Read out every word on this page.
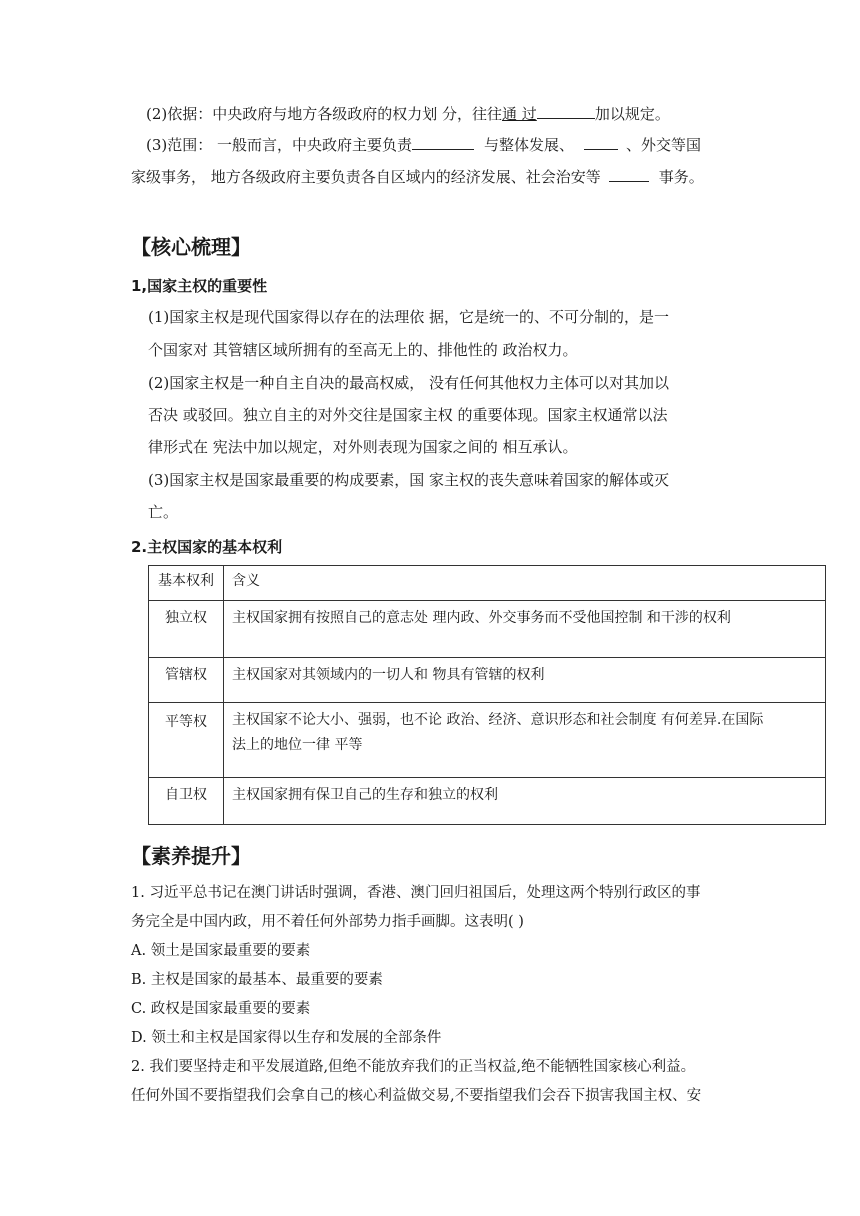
(2)依据：中央政府与地方各级政府的权力划 分，往往通 过	加以规定。
(3)范围： 一般而言，中央政府主要负责	与整体发展、	、外交等国
家级事务， 地方各级政府主要负责各自区域内的经济发展、社会治安等	事务。
【核心梳理】
1,国家主权的重要性
(1)国家主权是现代国家得以存在的法理依 据，它是统一的、不可分制的，是一
个国家对 其管辖区域所拥有的至高无上的、排他性的 政治权力。
(2)国家主权是一种自主自决的最高权威， 没有任何其他权力主体可以对其加以
否决 或驳回。独立自主的对外交往是国家主权 的重要体现。国家主权通常以法
律形式在 宪法中加以规定，对外则表现为国家之间的 相互承认。
(3)国家主权是国家最重要的构成要素，国 家主权的丧失意味着国家的解体或灭
亡。
2.主权国家的基本权利
基本权利	含义
独立权	主权国家拥有按照自己的意志处 理内政、外交事务而不受他国控制 和干涉的权利
管辖权	主权国家对其领域内的一切人和 物具有管辖的权利
平等权	主权国家不论大小、强弱，也不论 政治、经济、意识形态和社会制度 有何差异.在国际
法上的地位一律 平等

自卫权	主权国家拥有保卫自己的生存和独立的权利
【素养提升】
1. 习近平总书记在澳门讲话时强调，香港、澳门回归祖国后，处理这两个特别行政区的事
务完全是中国内政，用不着任何外部势力指手画脚。这表明( )
A. 领土是国家最重要的要素
B. 主权是国家的最基本、最重要的要素
C. 政权是国家最重要的要素
D. 领土和主权是国家得以生存和发展的全部条件
2. 我们要坚持走和平发展道路,但绝不能放弃我们的正当权益,绝不能牺牲国家核心利益。
任何外国不要指望我们会拿自己的核心利益做交易,不要指望我们会吞下损害我国主权、安
